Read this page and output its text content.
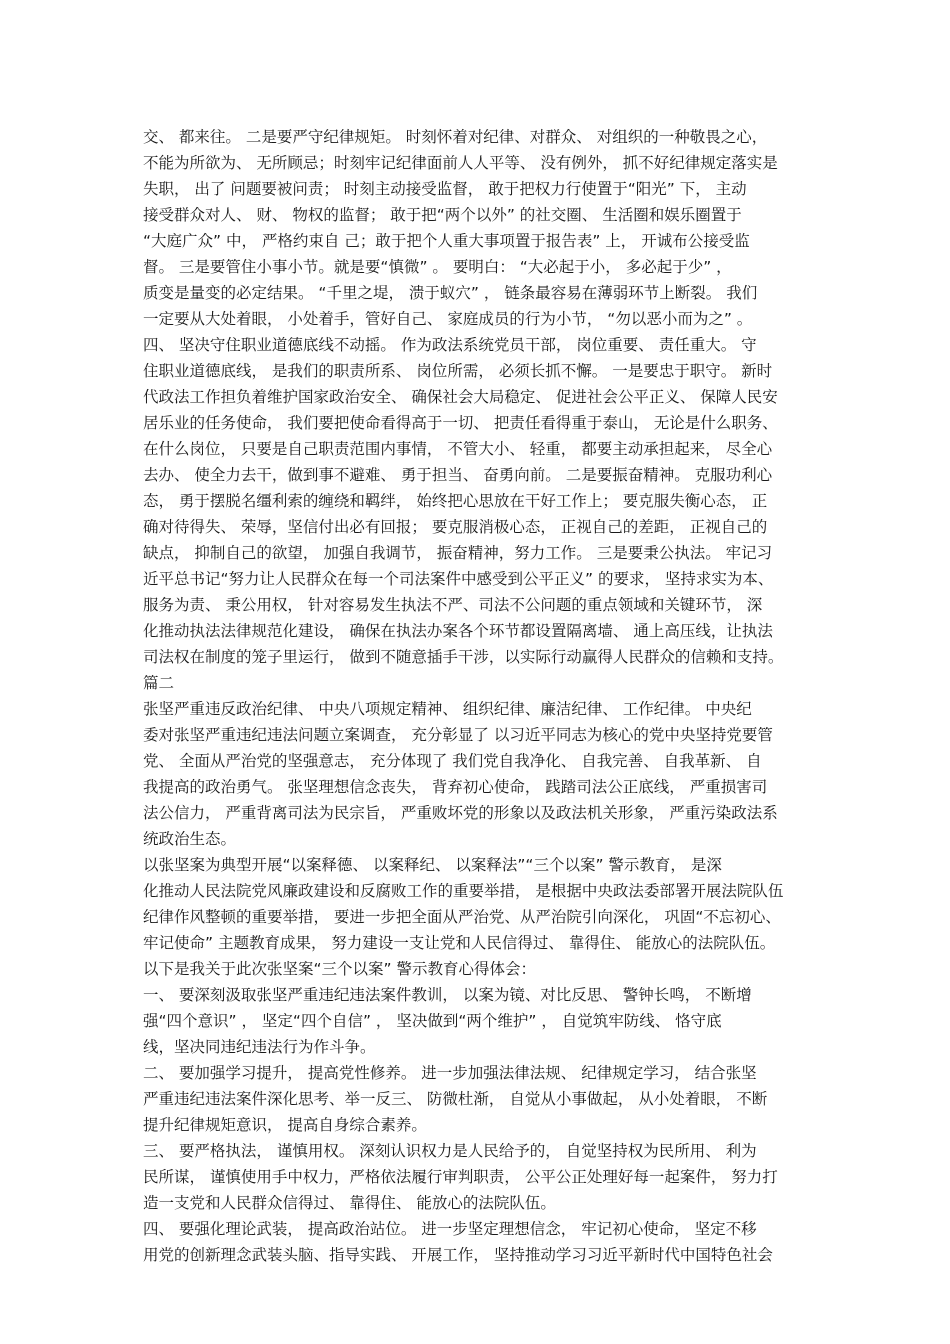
交、 都来往。 二是要严守纪律规矩。 时刻怀着对纪律、对群众、 对组织的一种敬畏之心，
不能为所欲为、 无所顾忌；时刻牢记纪律面前人人平等、 没有例外， 抓不好纪律规定落实是
失职， 出了 问题要被问责； 时刻主动接受监督， 敢于把权力行使置于“阳光” 下， 主动
接受群众对人、 财、 物权的监督； 敢于把“两个以外” 的社交圈、 生活圈和娱乐圈置于
“大庭广众” 中， 严格约束自 己；敢于把个人重大事项置于报告表” 上， 开诚布公接受监
督。 三是要管住小事小节。就是要“慎微” 。 要明白： “大必起于小， 多必起于少” ，
质变是量变的必定结果。 “千里之堤， 溃于蚁穴” ， 链条最容易在薄弱环节上断裂。 我们
一定要从大处着眼， 小处着手，管好自己、 家庭成员的行为小节， “勿以恶小而为之” 。
四、 坚决守住职业道德底线不动摇。 作为政法系统党员干部， 岗位重要、 责任重大。 守
住职业道德底线， 是我们的职责所系、 岗位所需， 必须长抓不懈。 一是要忠于职守。 新时
代政法工作担负着维护国家政治安全、 确保社会大局稳定、 促进社会公平正义、 保障人民安
居乐业的任务使命， 我们要把使命看得高于一切、 把责任看得重于泰山， 无论是什么职务、
在什么岗位， 只要是自己职责范围内事情， 不管大小、 轻重， 都要主动承担起来， 尽全心
去办、 使全力去干，做到事不避难、 勇于担当、 奋勇向前。 二是要振奋精神。 克服功利心
态， 勇于摆脱名缰利索的缠绕和羁绊， 始终把心思放在干好工作上； 要克服失衡心态， 正
确对待得失、 荣辱，坚信付出必有回报； 要克服消极心态， 正视自己的差距， 正视自己的
缺点， 抑制自己的欲望， 加强自我调节， 振奋精神，努力工作。 三是要秉公执法。 牢记习
近平总书记“努力让人民群众在每一个司法案件中感受到公平正义” 的要求， 坚持求实为本、
服务为责、 秉公用权， 针对容易发生执法不严、司法不公问题的重点领域和关键环节， 深
化推动执法法律规范化建设， 确保在执法办案各个环节都设置隔离墙、 通上高压线，让执法
司法权在制度的笼子里运行， 做到不随意插手干涉，以实际行动赢得人民群众的信赖和支持。
篇二
张坚严重违反政治纪律、 中央八项规定精神、 组织纪律、廉洁纪律、 工作纪律。 中央纪
委对张坚严重违纪违法问题立案调查， 充分彰显了 以习近平同志为核心的党中央坚持党要管
党、 全面从严治党的坚强意志， 充分体现了 我们党自我净化、 自我完善、 自我革新、 自
我提高的政治勇气。 张坚理想信念丧失， 背弃初心使命， 践踏司法公正底线， 严重损害司
法公信力， 严重背离司法为民宗旨， 严重败坏党的形象以及政法机关形象， 严重污染政法系
统政治生态。
以张坚案为典型开展“以案释德、 以案释纪、 以案释法”“三个以案” 警示教育， 是深
化推动人民法院党风廉政建设和反腐败工作的重要举措， 是根据中央政法委部署开展法院队伍
纪律作风整顿的重要举措， 要进一步把全面从严治党、从严治院引向深化， 巩固“不忘初心、
牢记使命” 主题教育成果， 努力建设一支让党和人民信得过、 靠得住、 能放心的法院队伍。
以下是我关于此次张坚案“三个以案” 警示教育心得体会：
一、 要深刻汲取张坚严重违纪违法案件教训， 以案为镜、对比反思、 警钟长鸣， 不断增
强“四个意识” ， 坚定“四个自信” ， 坚决做到“两个维护” ， 自觉筑牢防线、 恪守底
线，坚决同违纪违法行为作斗争。
二、 要加强学习提升， 提高党性修养。 进一步加强法律法规、 纪律规定学习， 结合张坚
严重违纪违法案件深化思考、举一反三、 防微杜渐， 自觉从小事做起， 从小处着眼， 不断
提升纪律规矩意识， 提高自身综合素养。
三、 要严格执法， 谨慎用权。 深刻认识权力是人民给予的， 自觉坚持权为民所用、 利为
民所谋， 谨慎使用手中权力，严格依法履行审判职责， 公平公正处理好每一起案件， 努力打
造一支党和人民群众信得过、 靠得住、 能放心的法院队伍。
四、 要强化理论武装， 提高政治站位。 进一步坚定理想信念， 牢记初心使命， 坚定不移
用党的创新理念武装头脑、指导实践、 开展工作， 坚持推动学习习近平新时代中国特色社会
